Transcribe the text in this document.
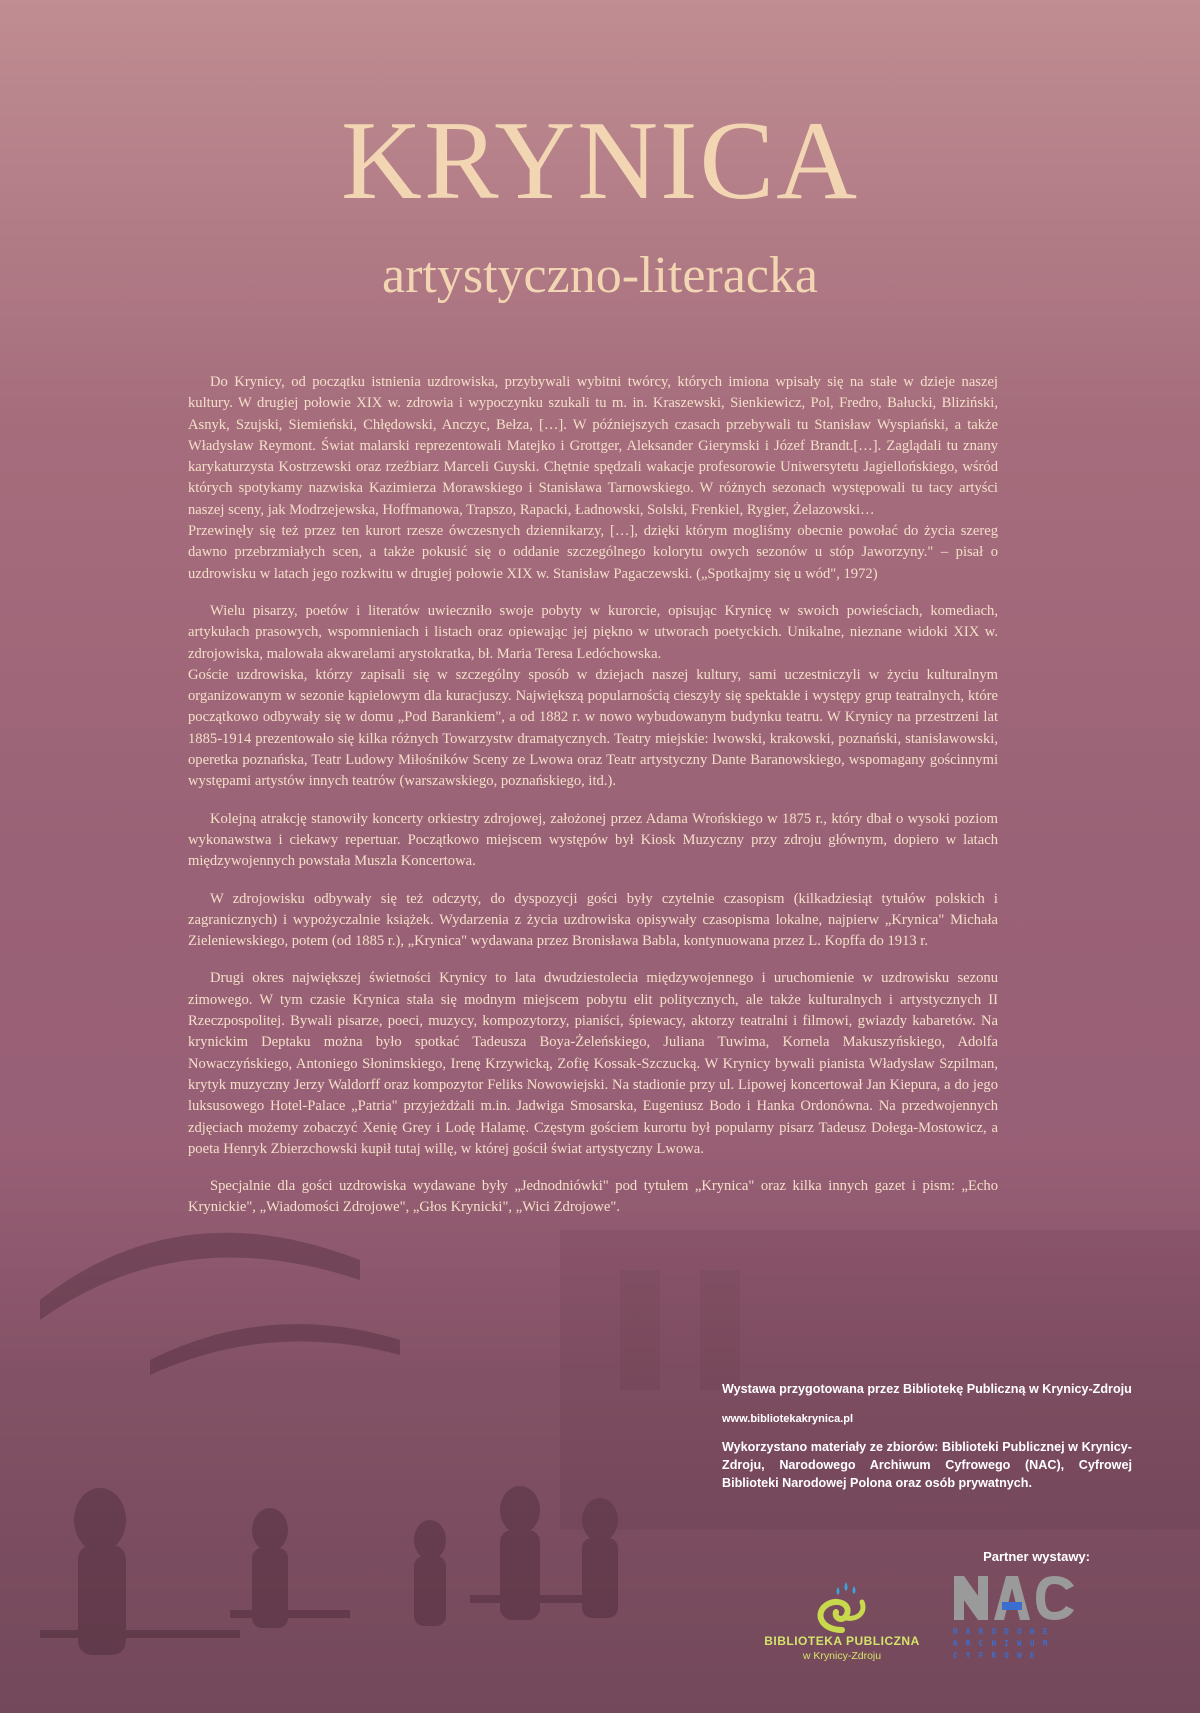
KRYNICA
artystyczno-literacka

Do Krynicy, od początku istnienia uzdrowiska, przybywali wybitni twórcy, których imiona wpisały się na stałe w dzieje naszej kultury. W drugiej połowie XIX w. zdrowia i wypoczynku szukali tu m. in. Kraszewski, Sienkiewicz, Pol, Fredro, Bałucki, Bliziński, Asnyk, Szujski, Siemieński, Chłędowski, Anczyc, Bełza, […]. W późniejszych czasach przebywali tu Stanisław Wyspiański, a także Władysław Reymont. Świat malarski reprezentowali Matejko i Grottger, Aleksander Gierymski i Józef Brandt.[…]. Zaglądali tu znany karykaturzysta Kostrzewski oraz rzeźbiarz Marceli Guyski. Chętnie spędzali wakacje profesorowie Uniwersytetu Jagiellońskiego, wśród których spotykamy nazwiska Kazimierza Morawskiego i Stanisława Tarnowskiego. W różnych sezonach występowali tu tacy artyści naszej sceny, jak Modrzejewska, Hoffmanowa, Trapszo, Rapacki, Ładnowski, Solski, Frenkiel, Rygier, Żelazowski…

Przewinęły się też przez ten kurort rzesze ówczesnych dziennikarzy, […], dzięki którym mogliśmy obecnie powołać do życia szereg dawno przebrzmiałych scen, a także pokusić się o oddanie szczególnego kolorytu owych sezonów u stóp Jaworzyny." – pisał o uzdrowisku w latach jego rozkwitu w drugiej połowie XIX w. Stanisław Pagaczewski. („Spotkajmy się u wód", 1972)

Wielu pisarzy, poetów i literatów uwieczniło swoje pobyty w kurorcie, opisując Krynicę w swoich powieściach, komediach, artykułach prasowych, wspomnieniach i listach oraz opiewając jej piękno w utworach poetyckich. Unikalne, nieznane widoki XIX w. zdrojowiska, malowała akwarelami arystokratka, bł. Maria Teresa Ledóchowska.

Goście uzdrowiska, którzy zapisali się w szczególny sposób w dziejach naszej kultury, sami uczestniczyli w życiu kulturalnym organizowanym w sezonie kąpielowym dla kuracjuszy. Największą popularnością cieszyły się spektakle i występy grup teatralnych, które początkowo odbywały się w domu „Pod Barankiem", a od 1882 r. w nowo wybudowanym budynku teatru. W Krynicy na przestrzeni lat 1885-1914 prezentowało się kilka różnych Towarzystw dramatycznych. Teatry miejskie: lwowski, krakowski, poznański, stanisławowski, operetka poznańska, Teatr Ludowy Miłośników Sceny ze Lwowa oraz Teatr artystyczny Dante Baranowskiego, wspomagany gościnnymi występami artystów innych teatrów (warszawskiego, poznańskiego, itd.).

Kolejną atrakcję stanowiły koncerty orkiestry zdrojowej, założonej przez Adama Wrońskiego w 1875 r., który dbał o wysoki poziom wykonawstwa i ciekawy repertuar. Początkowo miejscem występów był Kiosk Muzyczny przy zdroju głównym, dopiero w latach międzywojennych powstała Muszla Koncertowa.

W zdrojowisku odbywały się też odczyty, do dyspozycji gości były czytelnie czasopism (kilkadziesiąt tytułów polskich i zagranicznych) i wypożyczalnie książek. Wydarzenia z życia uzdrowiska opisywały czasopisma lokalne, najpierw „Krynica" Michała Zieleniewskiego, potem (od 1885 r.), „Krynica" wydawana przez Bronisława Babla, kontynuowana przez L. Kopffa do 1913 r.

Drugi okres największej świetności Krynicy to lata dwudziestolecia międzywojennego i uruchomienie w uzdrowisku sezonu zimowego. W tym czasie Krynica stała się modnym miejscem pobytu elit politycznych, ale także kulturalnych i artystycznych II Rzeczpospolitej. Bywali pisarze, poeci, muzycy, kompozytorzy, pianiści, śpiewacy, aktorzy teatralni i filmowi, gwiazdy kabaretów. Na krynickim Deptaku można było spotkać Tadeusza Boya-Żeleńskiego, Juliana Tuwima, Kornela Makuszyńskiego, Adolfa Nowaczyńskiego, Antoniego Słonimskiego, Irenę Krzywicką, Zofię Kossak-Szczucką. W Krynicy bywali pianista Władysław Szpilman, krytyk muzyczny Jerzy Waldorff oraz kompozytor Feliks Nowowiejski. Na stadionie przy ul. Lipowej koncertował Jan Kiepura, a do jego luksusowego Hotel-Palace „Patria" przyjeżdżali m.in. Jadwiga Smosarska, Eugeniusz Bodo i Hanka Ordonówna. Na przedwojennych zdjęciach możemy zobaczyć Xenię Grey i Lodę Halamę. Częstym gościem kurortu był popularny pisarz Tadeusz Dołega-Mostowicz, a poeta Henryk Zbierzchowski kupił tutaj willę, w której gościł świat artystyczny Lwowa.

Specjalnie dla gości uzdrowiska wydawane były „Jednodniówki" pod tytułem „Krynica" oraz kilka innych gazet i pism: „Echo Krynickie", „Wiadomości Zdrojowe", „Głos Krynicki", „Wici Zdrojowe".

Wystawa przygotowana przez Bibliotekę Publiczną w Krynicy-Zdroju
www.bibliotekakrynica.pl
Wykorzystano materiały ze zbiorów: Biblioteki Publicznej w Krynicy-Zdroju, Narodowego Archiwum Cyfrowego (NAC), Cyfrowej Biblioteki Narodowej Polona oraz osób prywatnych.
Partner wystawy:
BIBLIOTEKA PUBLICZNA
w Krynicy-Zdroju
NARODOWE
ARCHIWUM
CYFROWE
